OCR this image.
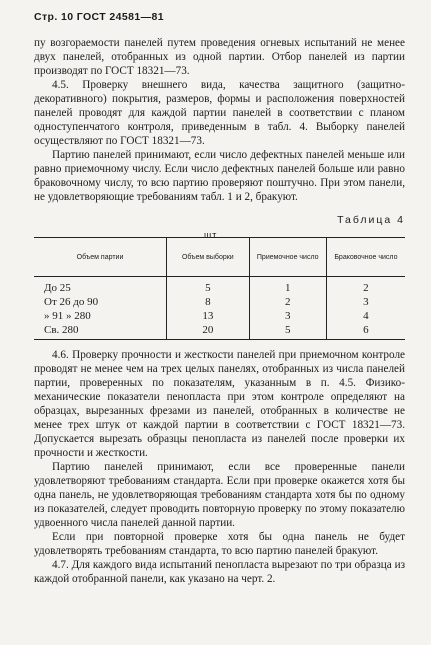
Стр. 10 ГОСТ 24581—81

пу возгораемости панелей путем проведения огневых испытаний не менее двух панелей, отобранных из одной партии. Отбор панелей из партии производят по ГОСТ 18321—73.

4.5. Проверку внешнего вида, качества защитного (защитно-декоративного) покрытия, размеров, формы и расположения поверхностей панелей проводят для каждой партии панелей в соответствии с планом одноступенчатого контроля, приведенным в табл. 4. Выборку панелей осуществляют по ГОСТ 18321—73.

Партию панелей принимают, если число дефектных панелей меньше или равно приемочному числу. Если число дефектных панелей больше или равно браковочному числу, то всю партию проверяют поштучно. При этом панели, не удовлетворяющие требованиям табл. 1 и 2, бракуют.

Таблица 4
шт.
Объем партии	Объем выборки	Приемочное число	Браковочное число
До 25	5	1	2
От 26 до 90	8	2	3
» 91 » 280	13	3	4
Св. 280	20	5	6

4.6. Проверку прочности и жесткости панелей при приемочном контроле проводят не менее чем на трех целых панелях, отобранных из числа панелей партии, проверенных по показателям, указанным в п. 4.5. Физико-механические показатели пенопласта при этом контроле определяют на образцах, вырезанных фрезами из панелей, отобранных в количестве не менее трех штук от каждой партии в соответствии с ГОСТ 18321—73. Допускается вырезать образцы пенопласта из панелей после проверки их прочности и жесткости.

Партию панелей принимают, если все проверенные панели удовлетворяют требованиям стандарта. Если при проверке окажется хотя бы одна панель, не удовлетворяющая требованиям стандарта хотя бы по одному из показателей, следует проводить повторную проверку по этому показателю удвоенного числа панелей данной партии.

Если при повторной проверке хотя бы одна панель не будет удовлетворять требованиям стандарта, то всю партию панелей бракуют.

4.7. Для каждого вида испытаний пенопласта вырезают по три образца из каждой отобранной панели, как указано на черт. 2.
